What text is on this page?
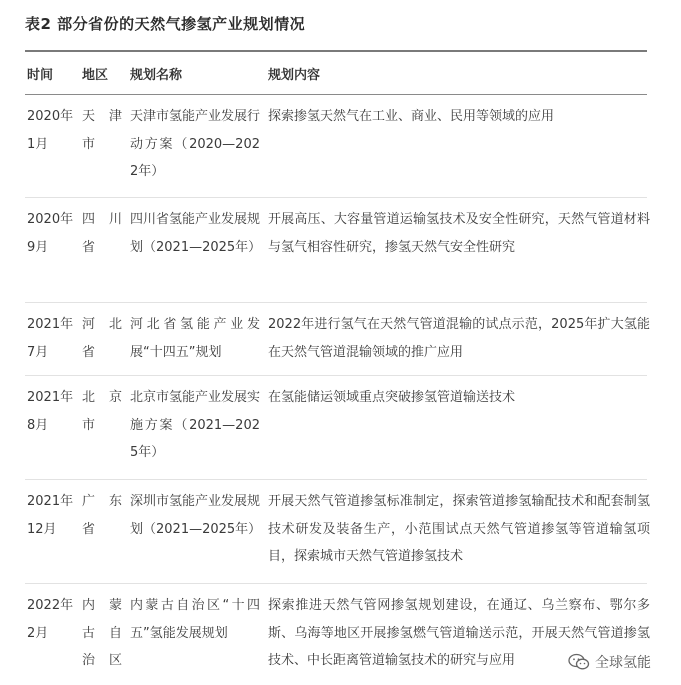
表2 部分省份的天然气掺氢产业规划情况
时间 地区 规划名称	规划内容
2020年1月
天 津 市
天津市氢能产业发展行动方案（2020—2022年）
探索掺氢天然气在工业、商业、民用等领域的应用
2020年9月
四 川 省
四川省氢能产业发展规划（2021—2025年）
开展高压、大容量管道运输氢技术及安全性研究，天然气管道材料与氢气相容性研究，掺氢天然气安全性研究
2021年7月
河 北 省
河北省氢能产业发展“十四五”规划
2022年进行氢气在天然气管道混输的试点示范，2025年扩大氢能在天然气管道混输领域的推广应用
2021年8月
北 京 市
北京市氢能产业发展实施方案（2021—2025年）
在氢能储运领域重点突破掺氢管道输送技术
2021年12月
广 东 省
深圳市氢能产业发展规划（2021—2025年）
开展天然气管道掺氢标准制定，探索管道掺氢输配技术和配套制氢技术研发及装备生产，小范围试点天然气管道掺氢等管道输氢项目，探索城市天然气管道掺氢技术
2022年2月
内 蒙 古 自 治区
内蒙古自治区“十四五”氢能发展规划
探索推进天然气管网掺氢规划建设，在通辽、乌兰察布、鄂尔多斯、乌海等地区开展掺氢燃气管道输送示范，开展天然气管道掺氢技术、中长距离管道输氢技术的研究与应用	全球氢能
